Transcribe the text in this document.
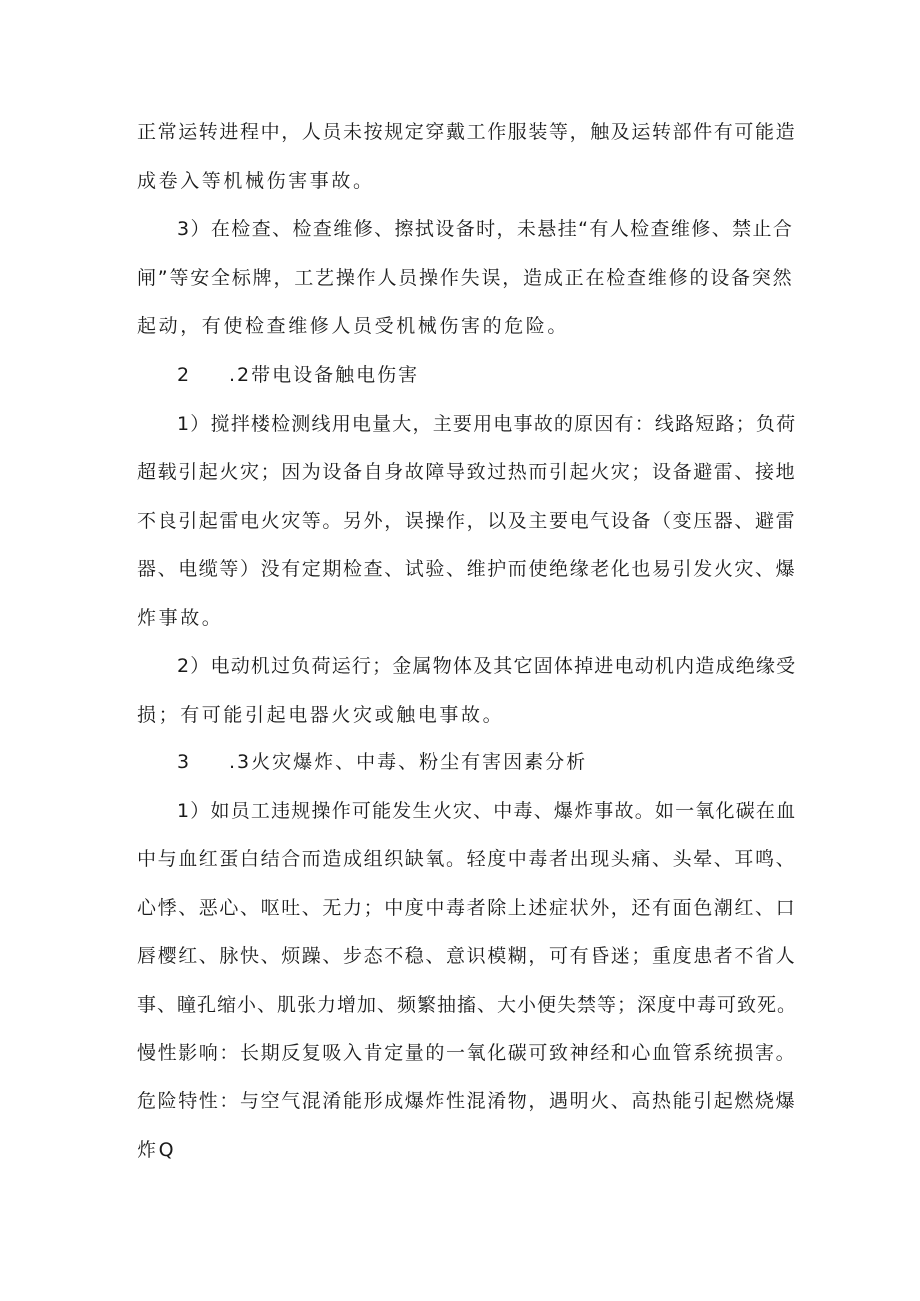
正常运转进程中，人员未按规定穿戴工作服装等，触及运转部件有可能造
成卷入等机械伤害事故。
3）在检查、检查维修、擦拭设备时，未悬挂“有人检查维修、禁止合
闸”等安全标牌，工艺操作人员操作失误，造成正在检查维修的设备突然
起动，有使检查维修人员受机械伤害的危险。
2 .2带电设备触电伤害
1）搅拌楼检测线用电量大，主要用电事故的原因有：线路短路；负荷
超载引起火灾；因为设备自身故障导致过热而引起火灾；设备避雷、接地
不良引起雷电火灾等。另外，误操作，以及主要电气设备（变压器、避雷
器、电缆等）没有定期检查、试验、维护而使绝缘老化也易引发火灾、爆
炸事故。
2）电动机过负荷运行；金属物体及其它固体掉进电动机内造成绝缘受
损；有可能引起电器火灾或触电事故。
3 .3火灾爆炸、中毒、粉尘有害因素分析
1）如员工违规操作可能发生火灾、中毒、爆炸事故。如一氧化碳在血
中与血红蛋白结合而造成组织缺氧。轻度中毒者出现头痛、头晕、耳鸣、
心悸、恶心、呕吐、无力；中度中毒者除上述症状外，还有面色潮红、口
唇樱红、脉快、烦躁、步态不稳、意识模糊，可有昏迷；重度患者不省人
事、瞳孔缩小、肌张力增加、频繁抽搐、大小便失禁等；深度中毒可致死。
慢性影响：长期反复吸入肯定量的一氧化碳可致神经和心血管系统损害。
危险特性：与空气混淆能形成爆炸性混淆物，遇明火、高热能引起燃烧爆
炸Q
